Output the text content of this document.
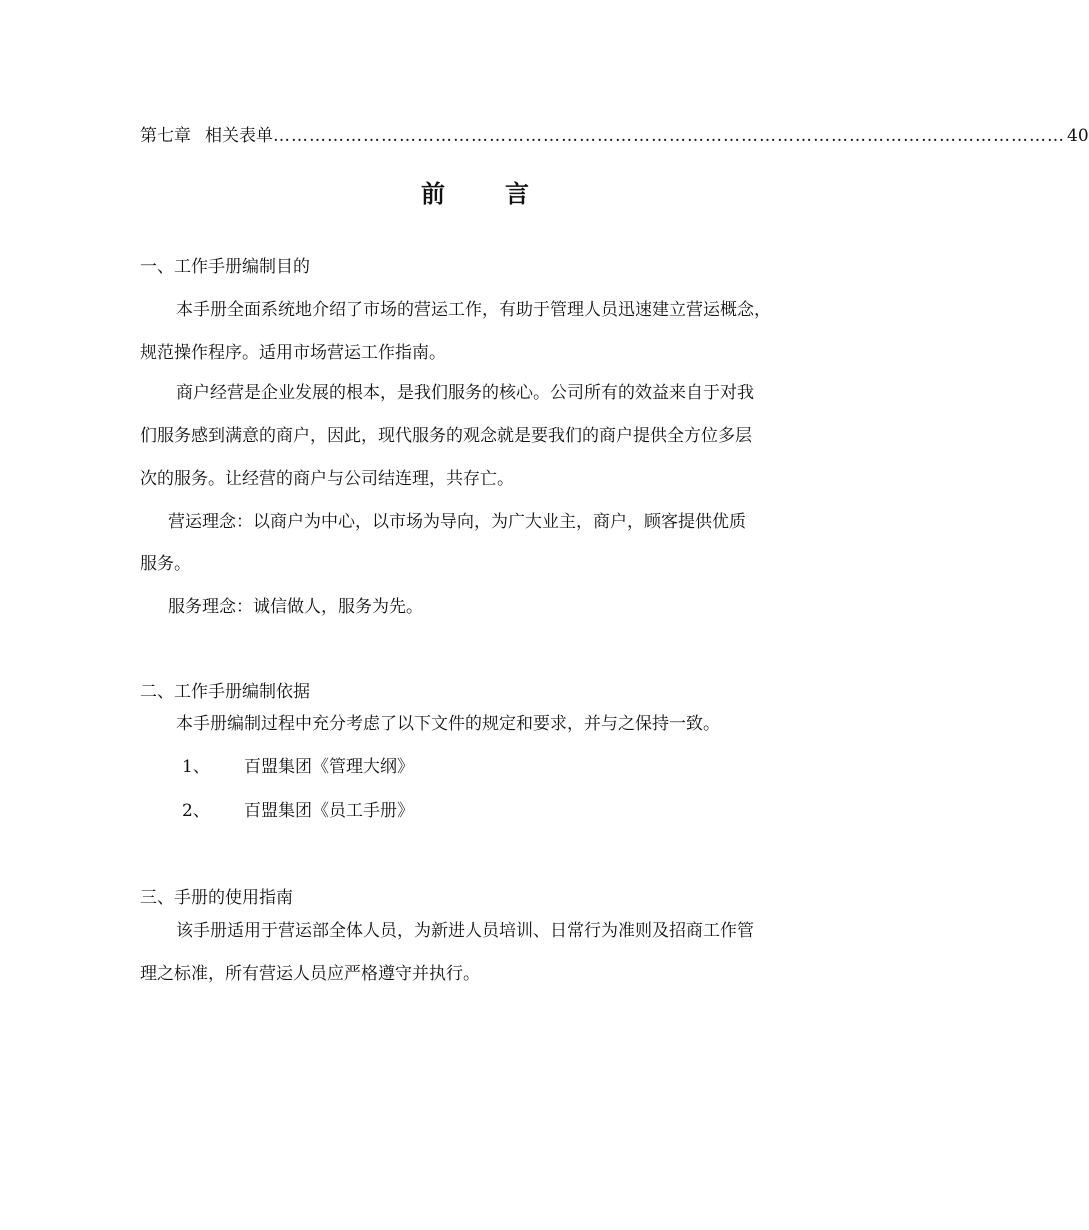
第七章 相关表单 …………………………………………………………………………………………………………………… 40
前	言
一、工作手册编制目的
本手册全面系统地介绍了市场的营运工作，有助于管理人员迅速建立营运概念，
规范操作程序。适用市场营运工作指南。
商户经营是企业发展的根本，是我们服务的核心。公司所有的效益来自于对我
们服务感到满意的商户，因此，现代服务的观念就是要我们的商户提供全方位多层
次的服务。让经营的商户与公司结连理，共存亡。
营运理念：以商户为中心，以市场为导向，为广大业主，商户，顾客提供优质
服务。
服务理念：诚信做人，服务为先。
二、工作手册编制依据
本手册编制过程中充分考虑了以下文件的规定和要求，并与之保持一致。
1、 百盟集团《管理大纲》
2、 百盟集团《员工手册》
三、手册的使用指南
该手册适用于营运部全体人员，为新进人员培训、日常行为准则及招商工作管
理之标准，所有营运人员应严格遵守并执行。
